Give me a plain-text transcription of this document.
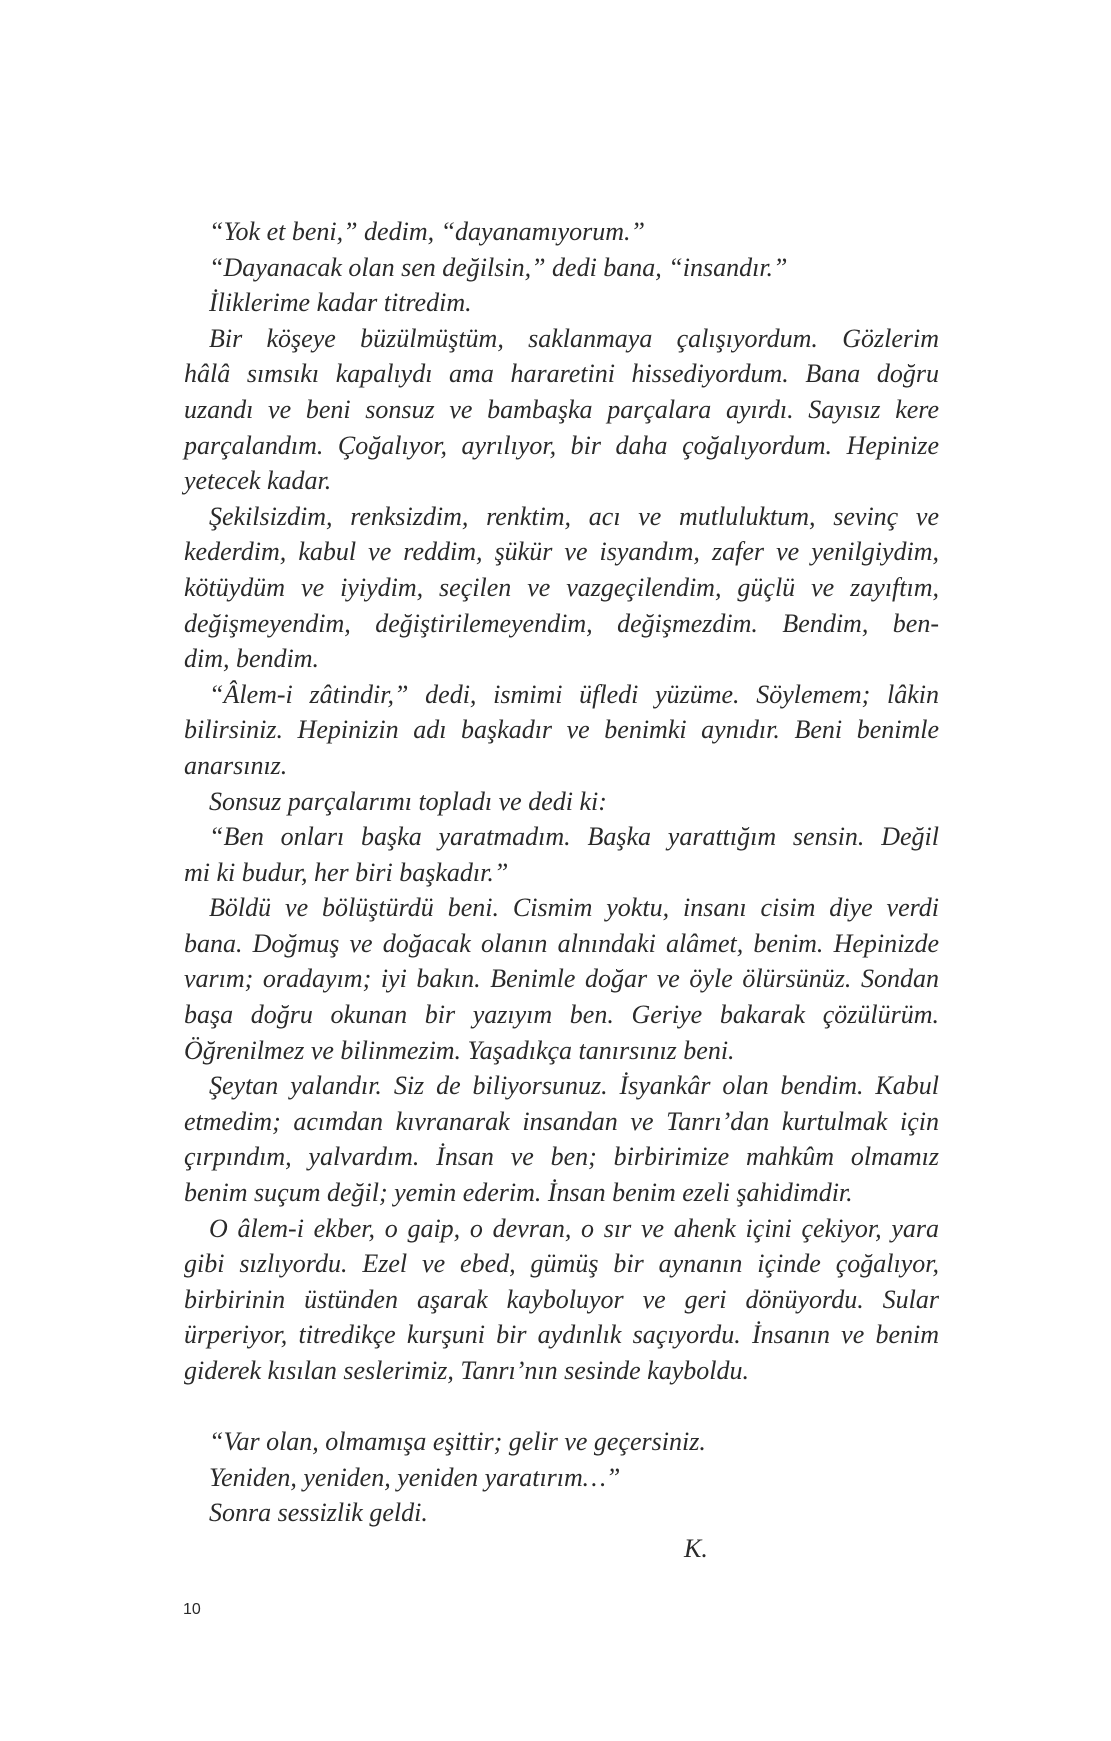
“Yok et beni,” dedim, “dayanamıyorum.”
“Dayanacak olan sen değilsin,” dedi bana, “insandır.”
İliklerime kadar titredim.
Bir köşeye büzülmüştüm, saklanmaya çalışıyordum. Gözlerim
hâlâ sımsıkı kapalıydı ama hararetini hissediyordum. Bana doğru
uzandı ve beni sonsuz ve bambaşka parçalara ayırdı. Sayısız kere
parçalandım. Çoğalıyor, ayrılıyor, bir daha çoğalıyordum. Hepinize
yetecek kadar.
Şekilsizdim, renksizdim, renktim, acı ve mutluluktum, sevinç ve
kederdim, kabul ve reddim, şükür ve isyandım, zafer ve yenilgiydim,
kötüydüm ve iyiydim, seçilen ve vazgeçilendim, güçlü ve zayıftım,
değişmeyendim, değiştirilemeyendim, değişmezdim. Bendim, ben-
dim, bendim.
“Âlem-i zâtindir,” dedi, ismimi üfledi yüzüme. Söylemem; lâkin
bilirsiniz. Hepinizin adı başkadır ve benimki aynıdır. Beni benimle
anarsınız.
Sonsuz parçalarımı topladı ve dedi ki:
“Ben onları başka yaratmadım. Başka yarattığım sensin. Değil
mi ki budur, her biri başkadır.”
Böldü ve bölüştürdü beni. Cismim yoktu, insanı cisim diye verdi
bana. Doğmuş ve doğacak olanın alnındaki alâmet, benim. Hepinizde
varım; oradayım; iyi bakın. Benimle doğar ve öyle ölürsünüz. Sondan
başa doğru okunan bir yazıyım ben. Geriye bakarak çözülürüm.
Öğrenilmez ve bilinmezim. Yaşadıkça tanırsınız beni.
Şeytan yalandır. Siz de biliyorsunuz. İsyankâr olan bendim. Kabul
etmedim; acımdan kıvranarak insandan ve Tanrı’dan kurtulmak için
çırpındım, yalvardım. İnsan ve ben; birbirimize mahkûm olmamız
benim suçum değil; yemin ederim. İnsan benim ezeli şahidimdir.
O âlem-i ekber, o gaip, o devran, o sır ve ahenk içini çekiyor, yara
gibi sızlıyordu. Ezel ve ebed, gümüş bir aynanın içinde çoğalıyor,
birbirinin üstünden aşarak kayboluyor ve geri dönüyordu. Sular
ürperiyor, titredikçe kurşuni bir aydınlık saçıyordu. İnsanın ve benim
giderek kısılan seslerimiz, Tanrı’nın sesinde kayboldu.
“Var olan, olmamışa eşittir; gelir ve geçersiniz.
Yeniden, yeniden, yeniden yaratırım…”
Sonra sessizlik geldi.
K.
10
